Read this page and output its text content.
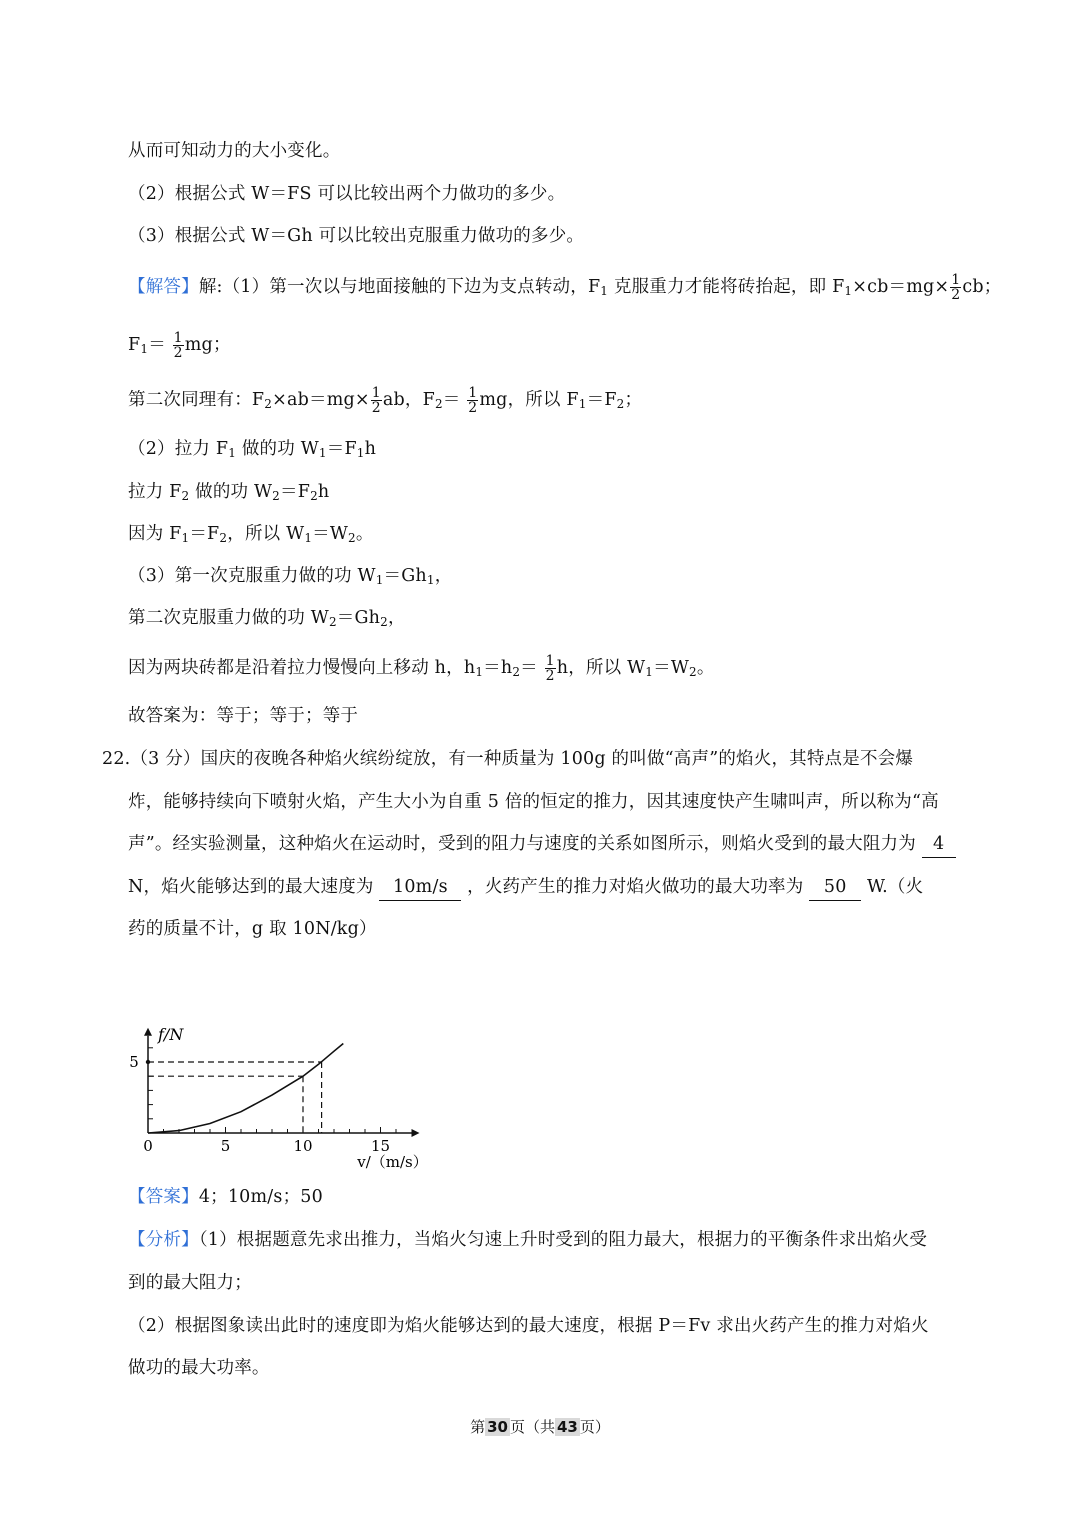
从而可知动力的大小变化。
（2）根据公式 W＝FS 可以比较出两个力做功的多少。
（3）根据公式 W＝Gh 可以比较出克服重力做功的多少。
【解答】解:（1）第一次以与地面接触的下边为支点转动，$F_1$ 克服重力才能将砖抬起，即 $F_1\times cb=mg\times \frac{1}{2}$ cb；
$F_1= \frac{1}{2}$ mg；
第二次同理有：$F_2\times ab=mg\times \frac{1}{2}$ ab，$F_2= \frac{1}{2}$ mg，所以 $F_1=F_2$；
（2）拉力 $F_1$ 做的功 $W_1=F_1h$
拉力 $F_2$ 做的功 $W_2=F_2h$
因为 $F_1=F_2$，所以 $W_1=W_2$。
（3）第一次克服重力做的功 $W_1=Gh_1$，
第二次克服重力做的功 $W_2=Gh_2$，
因为两块砖都是沿着拉力慢慢向上移动 h，$h_1=h_2= \frac{1}{2}$ h，所以 $W_1=W_2$。
故答案为：等于；等于；等于
22.（3 分）国庆的夜晚各种焰火缤纷绽放，有一种质量为 100g 的叫做“高声”的焰火，其特点是不会爆
炸，能够持续向下喷射火焰，产生大小为自重 5 倍的恒定的推力，因其速度快产生啸叫声，所以称为“高
声”。经实验测量，这种焰火在运动时，受到的阻力与速度的关系如图所示，则焰火受到的最大阻力为 4
N，焰火能够达到的最大速度为 10m/s ，火药产生的推力对焰火做功的最大功率为 50 W.（火
药的质量不计，g 取 10N/kg）
0	5	10	15
5
f/N
v/（m/s）
【答案】4；10m/s；50
【分析】（1）根据题意先求出推力，当焰火匀速上升时受到的阻力最大，根据力的平衡条件求出焰火受
到的最大阻力；
（2）根据图象读出此时的速度即为焰火能够达到的最大速度，根据 P＝Fv 求出火药产生的推力对焰火
做功的最大功率。
第 30 页（共 43 页）
